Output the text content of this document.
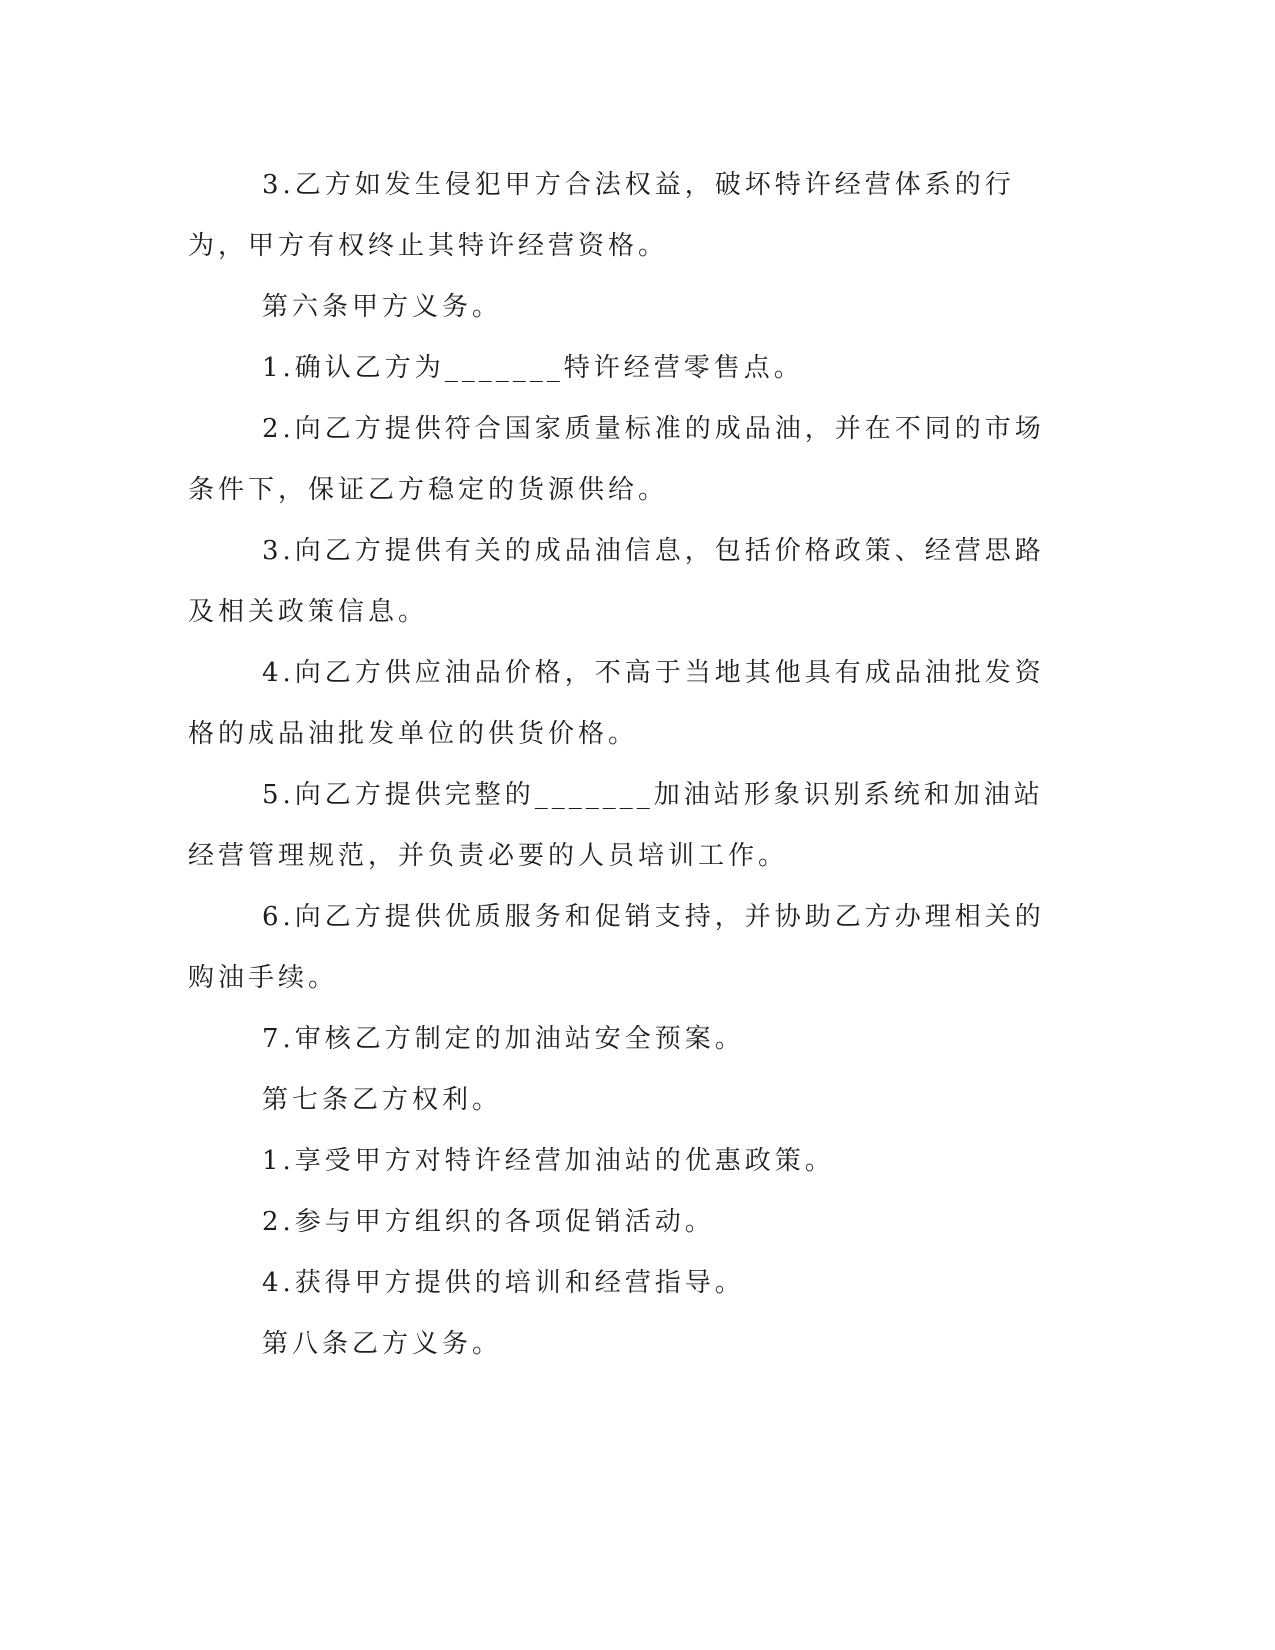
3.乙方如发生侵犯甲方合法权益，破坏特许经营体系的行为，甲方有权终止其特许经营资格。

第六条甲方义务。

1.确认乙方为_______特许经营零售点。

2.向乙方提供符合国家质量标准的成品油，并在不同的市场条件下，保证乙方稳定的货源供给。

3.向乙方提供有关的成品油信息，包括价格政策、经营思路及相关政策信息。

4.向乙方供应油品价格，不高于当地其他具有成品油批发资格的成品油批发单位的供货价格。

5.向乙方提供完整的_______加油站形象识别系统和加油站经营管理规范，并负责必要的人员培训工作。

6.向乙方提供优质服务和促销支持，并协助乙方办理相关的购油手续。

7.审核乙方制定的加油站安全预案。

第七条乙方权利。

1.享受甲方对特许经营加油站的优惠政策。

2.参与甲方组织的各项促销活动。

4.获得甲方提供的培训和经营指导。

第八条乙方义务。
